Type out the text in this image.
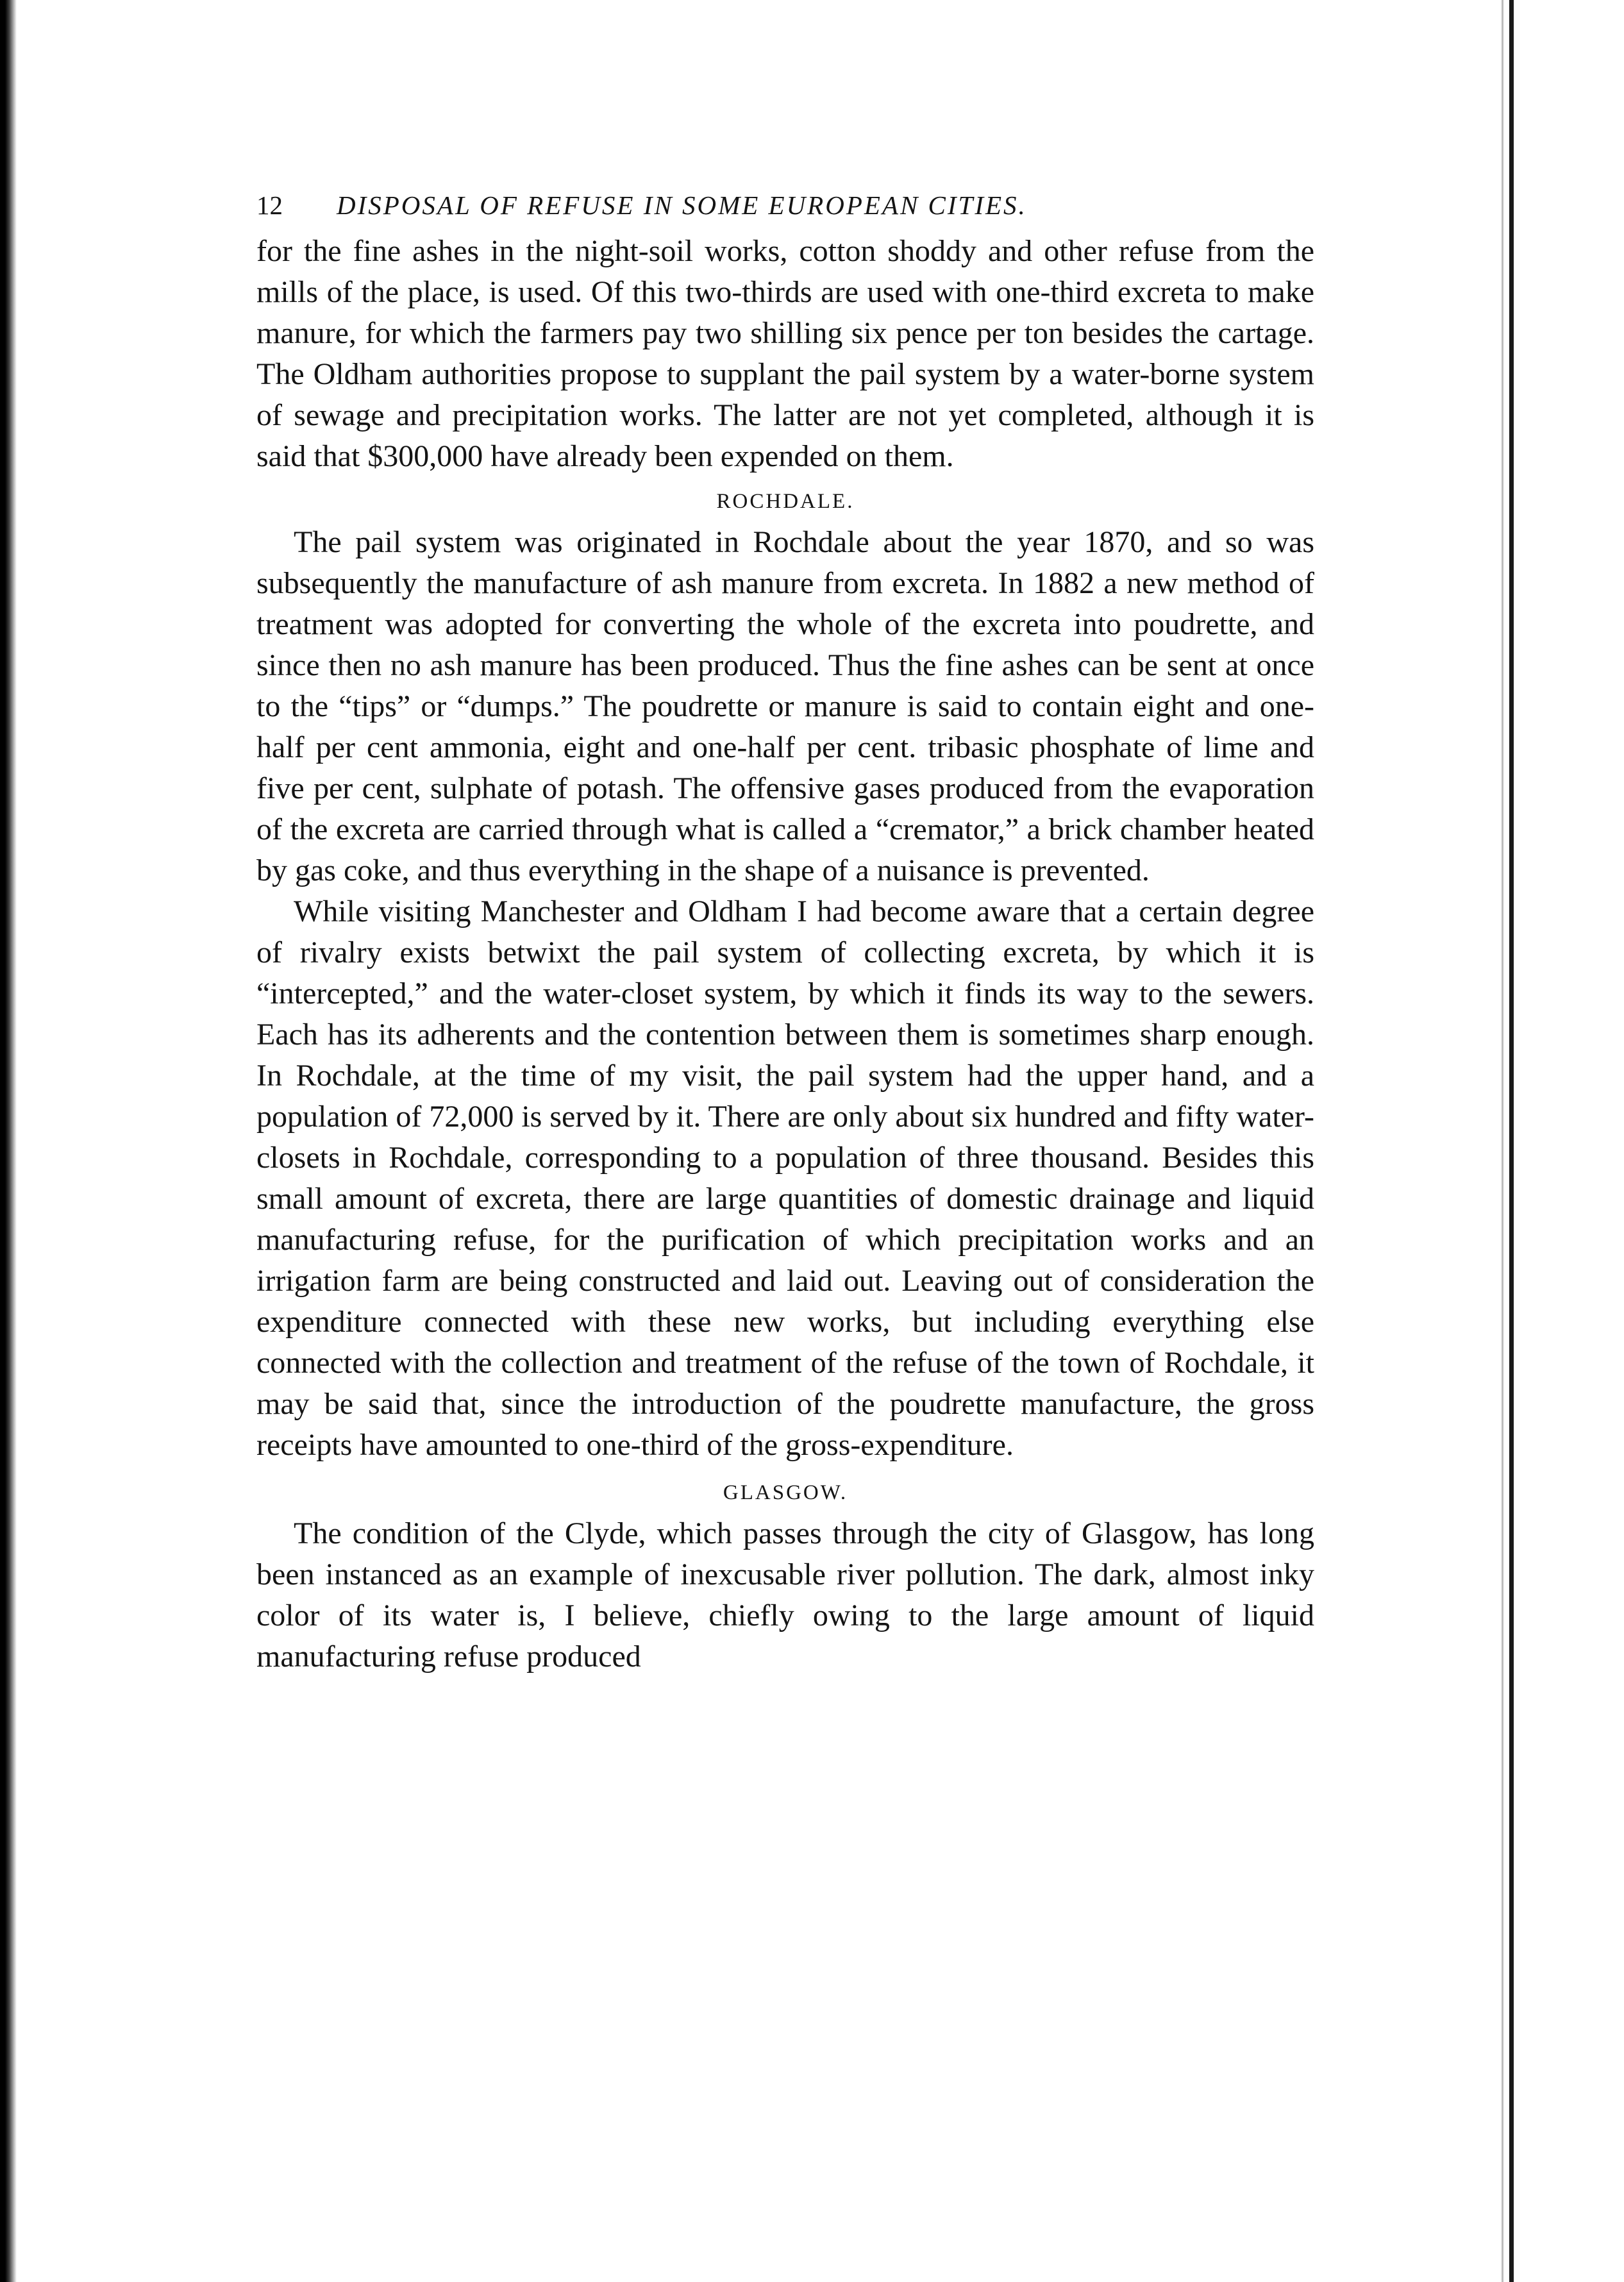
12	DISPOSAL OF REFUSE IN SOME EUROPEAN CITIES.

for the fine ashes in the night-soil works, cotton shoddy and other refuse from the mills of the place, is used. Of this two-thirds are used with one-third excreta to make manure, for which the farmers pay two shilling six pence per ton besides the cartage. The Oldham authorities propose to supplant the pail system by a water-borne system of sewage and precipitation works. The latter are not yet completed, although it is said that $300,000 have already been expended on them.

ROCHDALE.

The pail system was originated in Rochdale about the year 1870, and so was subsequently the manufacture of ash manure from excreta. In 1882 a new method of treatment was adopted for converting the whole of the excreta into poudrette, and since then no ash manure has been produced. Thus the fine ashes can be sent at once to the “tips” or “dumps.” The poudrette or manure is said to contain eight and one-half per cent ammonia, eight and one-half per cent. tribasic phosphate of lime and five per cent, sulphate of potash. The offensive gases produced from the evaporation of the excreta are carried through what is called a “cremator,” a brick chamber heated by gas coke, and thus everything in the shape of a nuisance is prevented.

While visiting Manchester and Oldham I had become aware that a certain degree of rivalry exists betwixt the pail system of collecting excreta, by which it is “intercepted,” and the water-closet system, by which it finds its way to the sewers. Each has its adherents and the contention between them is sometimes sharp enough. In Rochdale, at the time of my visit, the pail system had the upper hand, and a population of 72,000 is served by it. There are only about six hundred and fifty water-closets in Rochdale, corresponding to a population of three thousand. Besides this small amount of excreta, there are large quantities of domestic drainage and liquid manufacturing refuse, for the purification of which precipitation works and an irrigation farm are being constructed and laid out. Leaving out of consideration the expenditure connected with these new works, but including everything else connected with the collection and treatment of the refuse of the town of Rochdale, it may be said that, since the introduction of the poudrette manufacture, the gross receipts have amounted to one-third of the gross-expenditure.

GLASGOW.

The condition of the Clyde, which passes through the city of Glasgow, has long been instanced as an example of inexcusable river pollution. The dark, almost inky color of its water is, I believe, chiefly owing to the large amount of liquid manufacturing refuse produced
